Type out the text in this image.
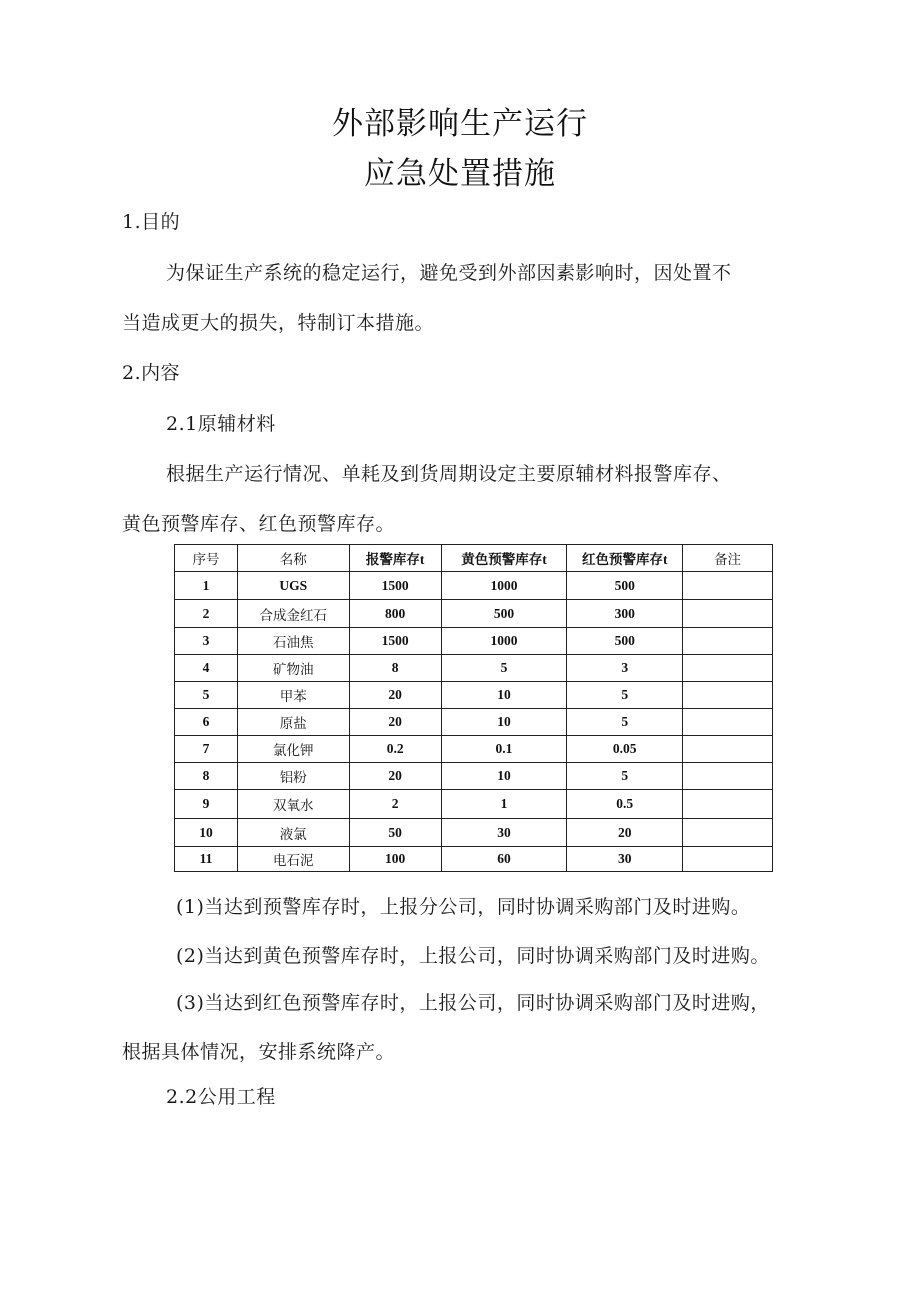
外部影响生产运行
应急处置措施
1.目的
为保证生产系统的稳定运行，避免受到外部因素影响时，因处置不
当造成更大的损失，特制订本措施。
2.内容
2.1原辅材料
根据生产运行情况、单耗及到货周期设定主要原辅材料报警库存、
黄色预警库存、红色预警库存。
序号	名称	报警库存t	黄色预警库存t	红色预警库存t	备注
1	UGS	1500	1000	500	
2	合成金红石	800	500	300	
3	石油焦	1500	1000	500	
4	矿物油	8	5	3	
5	甲苯	20	10	5	
6	原盐	20	10	5	
7	氯化钾	0.2	0.1	0.05	
8	铝粉	20	10	5	
9	双氧水	2	1	0.5	
10	液氯	50	30	20	
11	电石泥	100	60	30	
(1)当达到预警库存时，上报分公司，同时协调采购部门及时进购。
(2)当达到黄色预警库存时，上报公司，同时协调采购部门及时进购。
(3)当达到红色预警库存时，上报公司，同时协调采购部门及时进购，
根据具体情况，安排系统降产。
2.2公用工程
